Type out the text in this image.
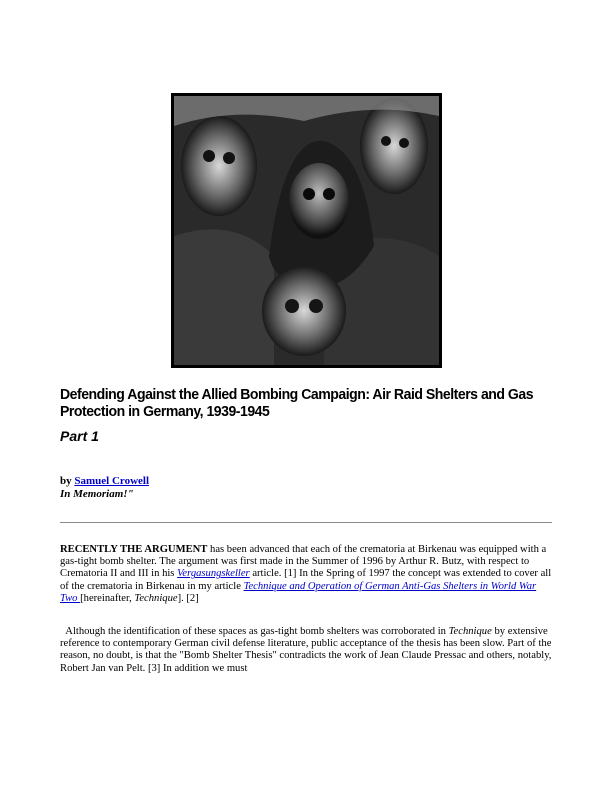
Defending Against the Allied Bombing Campaign: Air Raid Shelters and Gas Protection in Germany, 1939-1945
Part 1
by Samuel Crowell
In Memoriam!"
RECENTLY THE ARGUMENT has been advanced that each of the crematoria at Birkenau was equipped with a gas-tight bomb shelter. The argument was first made in the Summer of 1996 by Arthur R. Butz, with respect to Crematoria II and III in his Vergasungskeller article. [1] In the Spring of 1997 the concept was extended to cover all of the crematoria in Birkenau in my article Technique and Operation of German Anti-Gas Shelters in World War Two [hereinafter, Technique]. [2]
Although the identification of these spaces as gas-tight bomb shelters was corroborated in Technique by extensive reference to contemporary German civil defense literature, public acceptance of the thesis has been slow. Part of the reason, no doubt, is that the "Bomb Shelter Thesis" contradicts the work of Jean Claude Pressac and others, notably, Robert Jan van Pelt. [3] In addition we must
